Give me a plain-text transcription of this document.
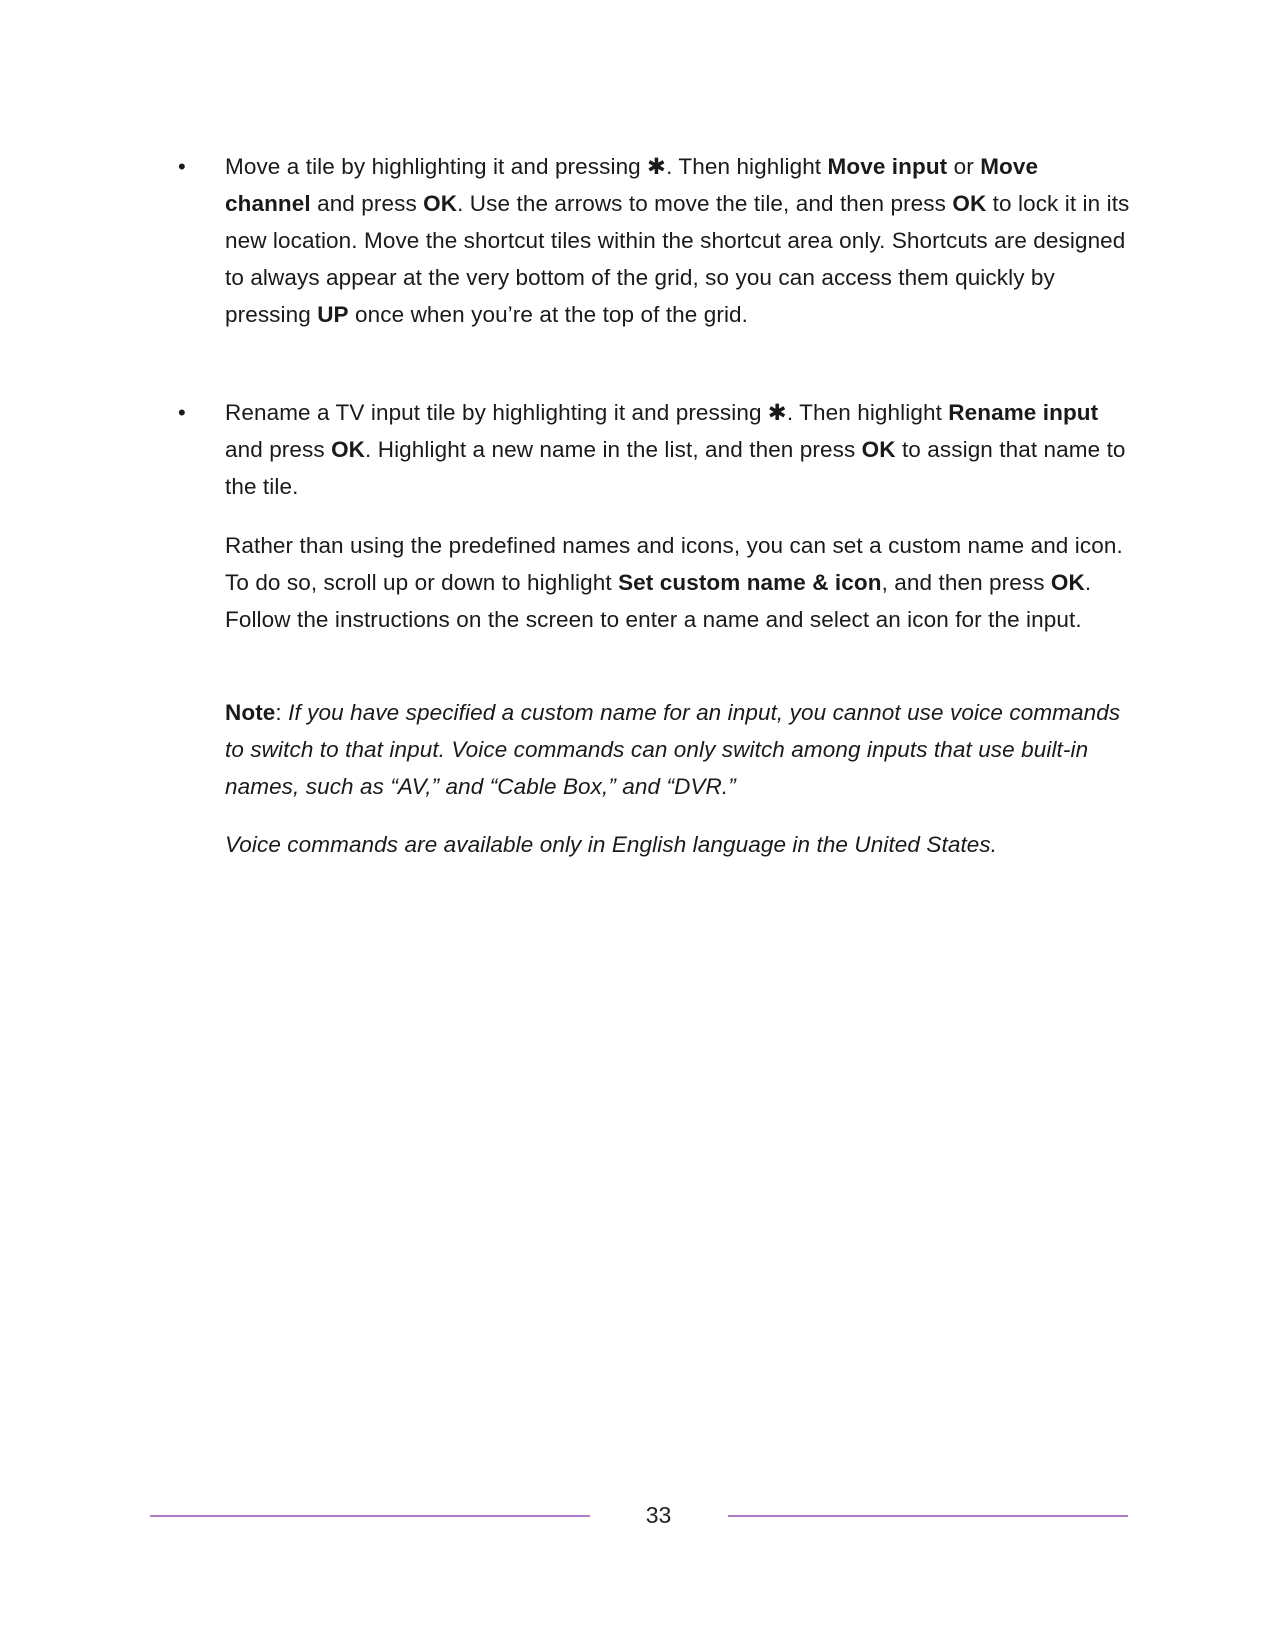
• Move a tile by highlighting it and pressing ✱. Then highlight Move input or Move channel and press OK. Use the arrows to move the tile, and then press OK to lock it in its new location. Move the shortcut tiles within the shortcut area only. Shortcuts are designed to always appear at the very bottom of the grid, so you can access them quickly by pressing UP once when you’re at the top of the grid.

• Rename a TV input tile by highlighting it and pressing ✱. Then highlight Rename input and press OK. Highlight a new name in the list, and then press OK to assign that name to the tile.

Rather than using the predefined names and icons, you can set a custom name and icon. To do so, scroll up or down to highlight Set custom name & icon, and then press OK. Follow the instructions on the screen to enter a name and select an icon for the input.

Note: If you have specified a custom name for an input, you cannot use voice commands to switch to that input. Voice commands can only switch among inputs that use built-in names, such as “AV,” and “Cable Box,” and “DVR.”

Voice commands are available only in English language in the United States.

33
